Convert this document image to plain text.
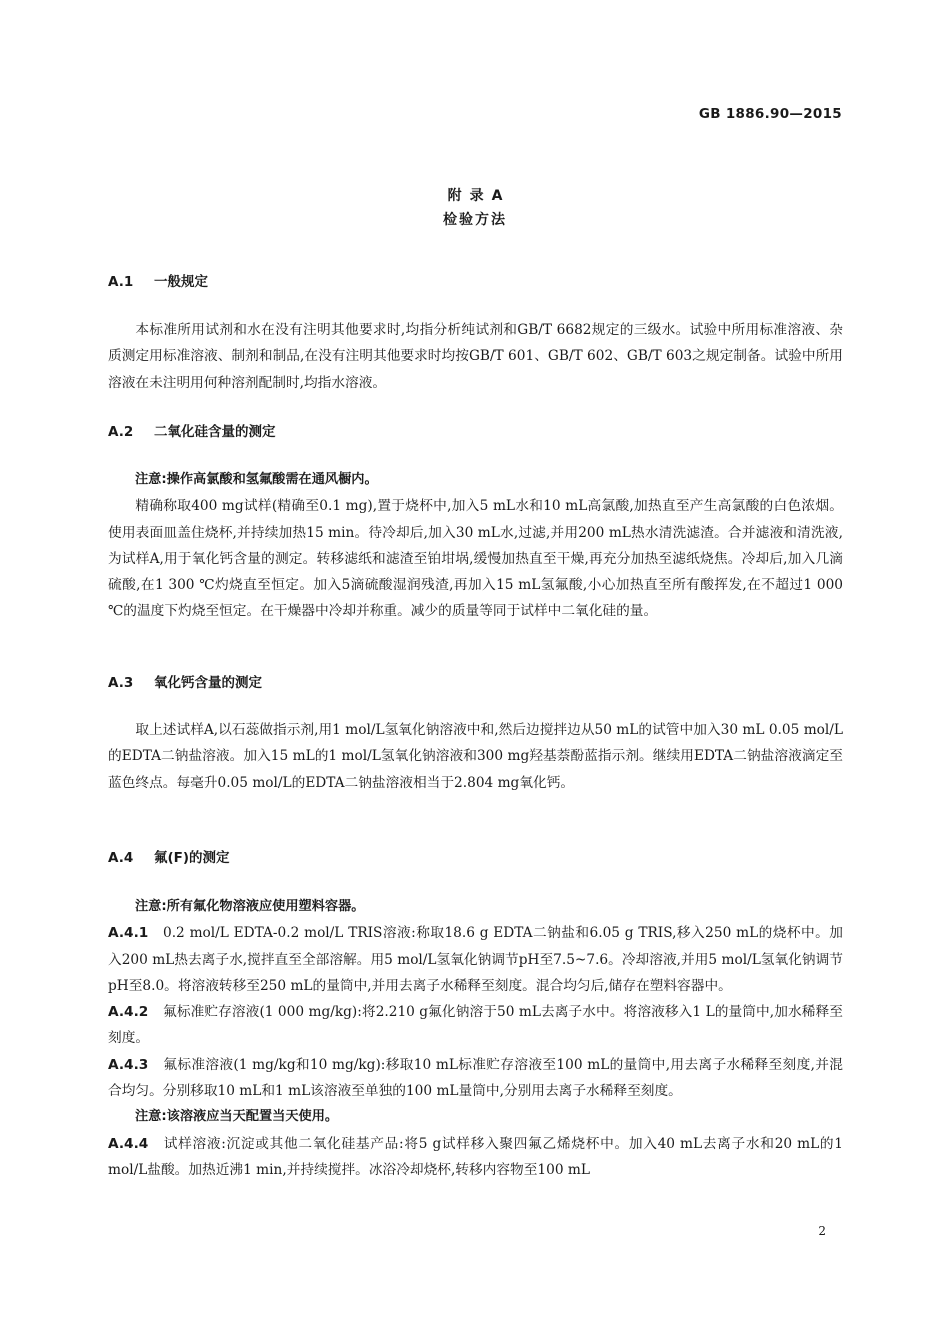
GB 1886.90—2015
附录A
检验方法
A.1 一般规定

本标准所用试剂和水在没有注明其他要求时,均指分析纯试剂和GB/T 6682规定的三级水。试验中所用标准溶液、杂质测定用标准溶液、制剂和制品,在没有注明其他要求时均按GB/T 601、GB/T 602、GB/T 603之规定制备。试验中所用溶液在未注明用何种溶剂配制时,均指水溶液。

A.2 二氧化硅含量的测定

注意:操作高氯酸和氢氟酸需在通风橱内。

精确称取400 mg试样(精确至0.1 mg),置于烧杯中,加入5 mL水和10 mL高氯酸,加热直至产生高氯酸的白色浓烟。使用表面皿盖住烧杯,并持续加热15 min。待冷却后,加入30 mL水,过滤,并用200 mL热水清洗滤渣。合并滤液和清洗液,为试样A,用于氧化钙含量的测定。转移滤纸和滤渣至铂坩埚,缓慢加热直至干燥,再充分加热至滤纸烧焦。冷却后,加入几滴硫酸,在1 300 ℃灼烧直至恒定。加入5滴硫酸湿润残渣,再加入15 mL氢氟酸,小心加热直至所有酸挥发,在不超过1 000 ℃的温度下灼烧至恒定。在干燥器中冷却并称重。减少的质量等同于试样中二氧化硅的量。

A.3 氧化钙含量的测定

取上述试样A,以石蕊做指示剂,用1 mol/L氢氧化钠溶液中和,然后边搅拌边从50 mL的试管中加入30 mL 0.05 mol/L的EDTA二钠盐溶液。加入15 mL的1 mol/L氢氧化钠溶液和300 mg羟基萘酚蓝指示剂。继续用EDTA二钠盐溶液滴定至蓝色终点。每毫升0.05 mol/L的EDTA二钠盐溶液相当于2.804 mg氧化钙。

A.4 氟(F)的测定

注意:所有氟化物溶液应使用塑料容器。

A.4.1 0.2 mol/L EDTA-0.2 mol/L TRIS溶液:称取18.6 g EDTA二钠盐和6.05 g TRIS,移入250 mL的烧杯中。加入200 mL热去离子水,搅拌直至全部溶解。用5 mol/L氢氧化钠调节pH至7.5~7.6。冷却溶液,并用5 mol/L氢氧化钠调节pH至8.0。将溶液转移至250 mL的量筒中,并用去离子水稀释至刻度。混合均匀后,储存在塑料容器中。

A.4.2 氟标准贮存溶液(1 000 mg/kg):将2.210 g氟化钠溶于50 mL去离子水中。将溶液移入1 L的量筒中,加水稀释至刻度。

A.4.3 氟标准溶液(1 mg/kg和10 mg/kg):移取10 mL标准贮存溶液至100 mL的量筒中,用去离子水稀释至刻度,并混合均匀。分别移取10 mL和1 mL该溶液至单独的100 mL量筒中,分别用去离子水稀释至刻度。

注意:该溶液应当天配置当天使用。

A.4.4 试样溶液:沉淀或其他二氧化硅基产品:将5 g试样移入聚四氟乙烯烧杯中。加入40 mL去离子水和20 mL的1 mol/L盐酸。加热近沸1 min,并持续搅拌。冰浴冷却烧杯,转移内容物至100 mL

2
